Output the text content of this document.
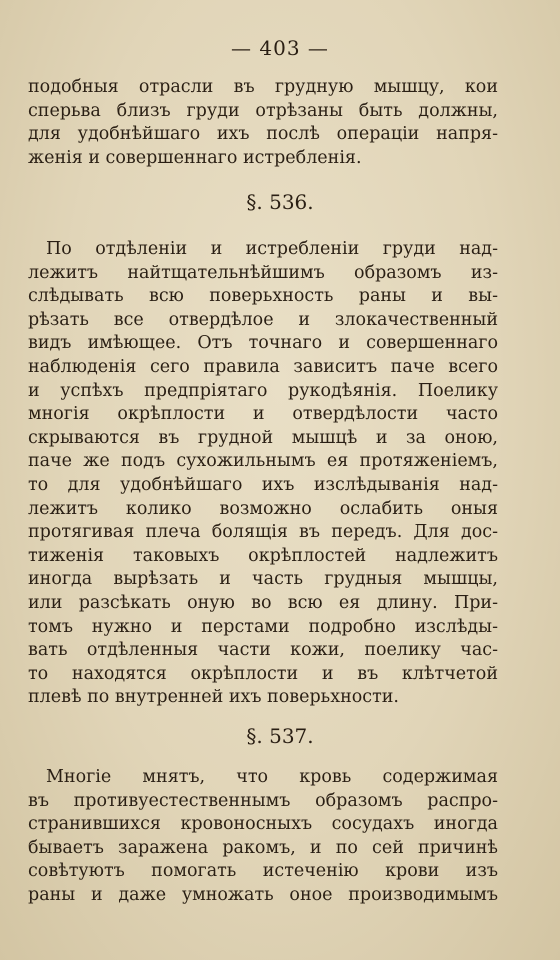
— 403 —
подобныя отрасли въ грудную мышцу, кои
сперьва близъ груди отрѣзаны быть должны,
для удобнѣйшаго ихъ послѣ операціи напря-
женія и совершеннаго истребленія.
§. 536.
По отдѣленіи и истребленіи груди над-
лежитъ найтщательнѣйшимъ образомъ из-
слѣдывать всю поверьхность раны и вы-
рѣзать все отвердѣлое и злокачественный
видъ имѣющее. Отъ точнаго и совершеннаго
наблюденія сего правила зависитъ паче всего
и успѣхъ предпріятаго рукодѣянія. Поелику
многія окрѣплости и отвердѣлости часто
скрываются въ грудной мышцѣ и за оною,
паче же подъ сухожильнымъ ея протяженіемъ,
то для удобнѣйшаго ихъ изслѣдыванія над-
лежитъ колико возможно ослабить оныя
протягивая плеча болящія въ передъ. Для дос-
тиженія таковыхъ окрѣплостей надлежитъ
иногда вырѣзать и часть грудныя мышцы,
или разсѣкать оную во всю ея длину. При-
томъ нужно и перстами подробно изслѣды-
вать отдѣленныя части кожи, поелику час-
то находятся окрѣплости и въ клѣтчетой
плевѣ по внутренней ихъ поверьхности.
§. 537.
Многіе мнятъ, что кровь содержимая
въ противуестественнымъ образомъ распро-
странившихся кровоносныхъ сосудахъ иногда
бываетъ заражена ракомъ, и по сей причинѣ
совѣтуютъ помогать истеченію крови изъ
раны и даже умножать оное производимымъ
